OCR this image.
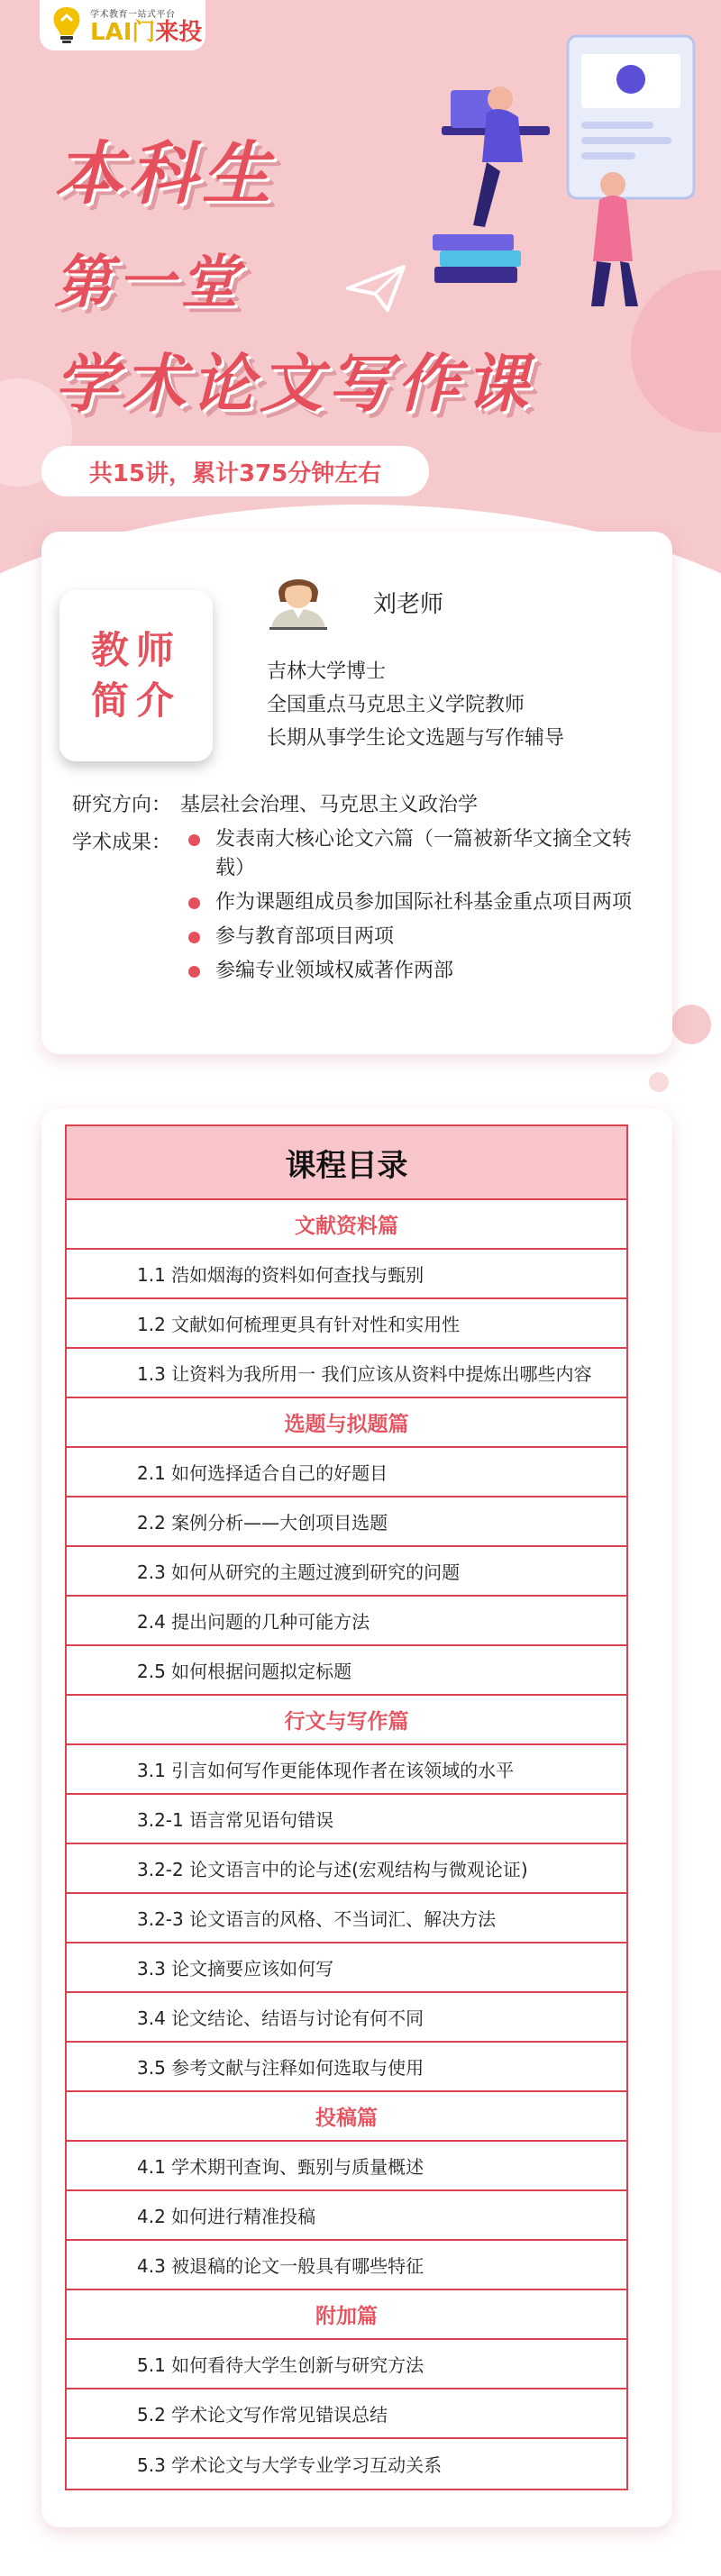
学术教育一站式平台
LAI门来投
本科生
第一堂
学术论文写作课
共15讲，累计375分钟左右
教师
简介
刘老师
吉林大学博士
全国重点马克思主义学院教师
长期从事学生论文选题与写作辅导
研究方向： 基层社会治理、马克思主义政治学
学术成果：	发表南大核心论文六篇（一篇被新华文摘全文转载）
作为课题组成员参加国际社科基金重点项目两项
参与教育部项目两项
参编专业领域权威著作两部
课程目录
文献资料篇
1.1 浩如烟海的资料如何查找与甄别
1.2 文献如何梳理更具有针对性和实用性
1.3 让资料为我所用一 我们应该从资料中提炼出哪些内容
选题与拟题篇
2.1 如何选择适合自己的好题目
2.2 案例分析——大创项目选题
2.3 如何从研究的主题过渡到研究的问题
2.4 提出问题的几种可能方法
2.5 如何根据问题拟定标题
行文与写作篇
3.1 引言如何写作更能体现作者在该领域的水平
3.2-1 语言常见语句错误
3.2-2 论文语言中的论与述(宏观结构与微观论证)
3.2-3 论文语言的风格、不当词汇、解决方法
3.3 论文摘要应该如何写
3.4 论文结论、结语与讨论有何不同
3.5 参考文献与注释如何选取与使用
投稿篇
4.1 学术期刊查询、甄别与质量概述
4.2 如何进行精准投稿
4.3 被退稿的论文一般具有哪些特征
附加篇
5.1 如何看待大学生创新与研究方法
5.2 学术论文写作常见错误总结
5.3 学术论文与大学专业学习互动关系
